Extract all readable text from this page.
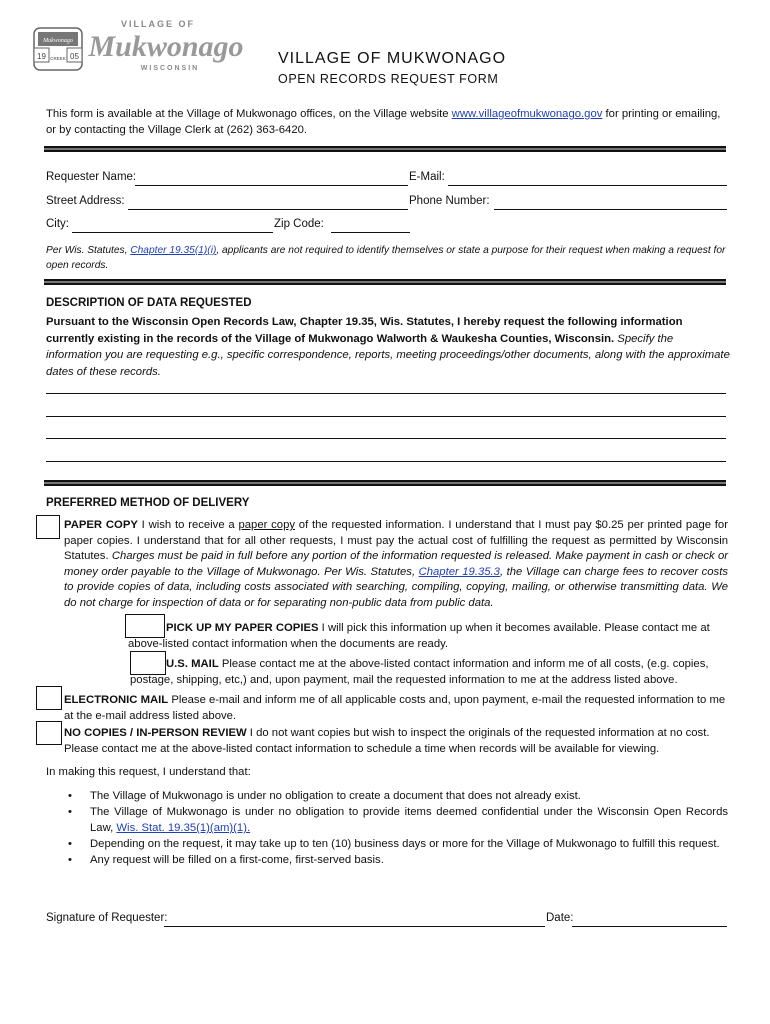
19	05
CREEK
Mukwonago
VILLAGE OF
Mukwonago
WISCONSIN
VILLAGE OF MUKWONAGO
OPEN RECORDS REQUEST FORM
This form is available at the Village of Mukwonago offices, on the Village website www.villageofmukwonago.gov for printing or emailing, or by contacting the Village Clerk at (262) 363-6420.
Requester Name:	E-Mail:
Street Address:	Phone Number:
City:	Zip Code:
Per Wis. Statutes, Chapter 19.35(1)(i), applicants are not required to identify themselves or state a purpose for their request when making a request for open records.
DESCRIPTION OF DATA REQUESTED
Pursuant to the Wisconsin Open Records Law, Chapter 19.35, Wis. Statutes, I hereby request the following information currently existing in the records of the Village of Mukwonago Walworth & Waukesha Counties, Wisconsin. Specify the information you are requesting e.g., specific correspondence, reports, meeting proceedings/other documents, along with the approximate dates of these records.
PREFERRED METHOD OF DELIVERY
PAPER COPY I wish to receive a paper copy of the requested information. I understand that I must pay $0.25 per printed page for paper copies. I understand that for all other requests, I must pay the actual cost of fulfilling the request as permitted by Wisconsin Statutes. Charges must be paid in full before any portion of the information requested is released. Make payment in cash or check or money order payable to the Village of Mukwonago. Per Wis. Statutes, Chapter 19.35.3, the Village can charge fees to recover costs to provide copies of data, including costs associated with searching, compiling, copying, mailing, or otherwise transmitting data. We do not charge for inspection of data or for separating non-public data from public data.
PICK UP MY PAPER COPIES I will pick this information up when it becomes available. Please contact me at above-listed contact information when the documents are ready.
U.S. MAIL Please contact me at the above-listed contact information and inform me of all costs, (e.g. copies, postage, shipping, etc,) and, upon payment, mail the requested information to me at the address listed above.
ELECTRONIC MAIL Please e-mail and inform me of all applicable costs and, upon payment, e-mail the requested information to me at the e-mail address listed above.
NO COPIES / IN-PERSON REVIEW I do not want copies but wish to inspect the originals of the requested information at no cost. Please contact me at the above-listed contact information to schedule a time when records will be available for viewing.
In making this request, I understand that:
• The Village of Mukwonago is under no obligation to create a document that does not already exist.
• The Village of Mukwonago is under no obligation to provide items deemed confidential under the Wisconsin Open Records Law, Wis. Stat. 19.35(1)(am)(1).
• Depending on the request, it may take up to ten (10) business days or more for the Village of Mukwonago to fulfill this request.
• Any request will be filled on a first-come, first-served basis.
Signature of Requester:	Date:
